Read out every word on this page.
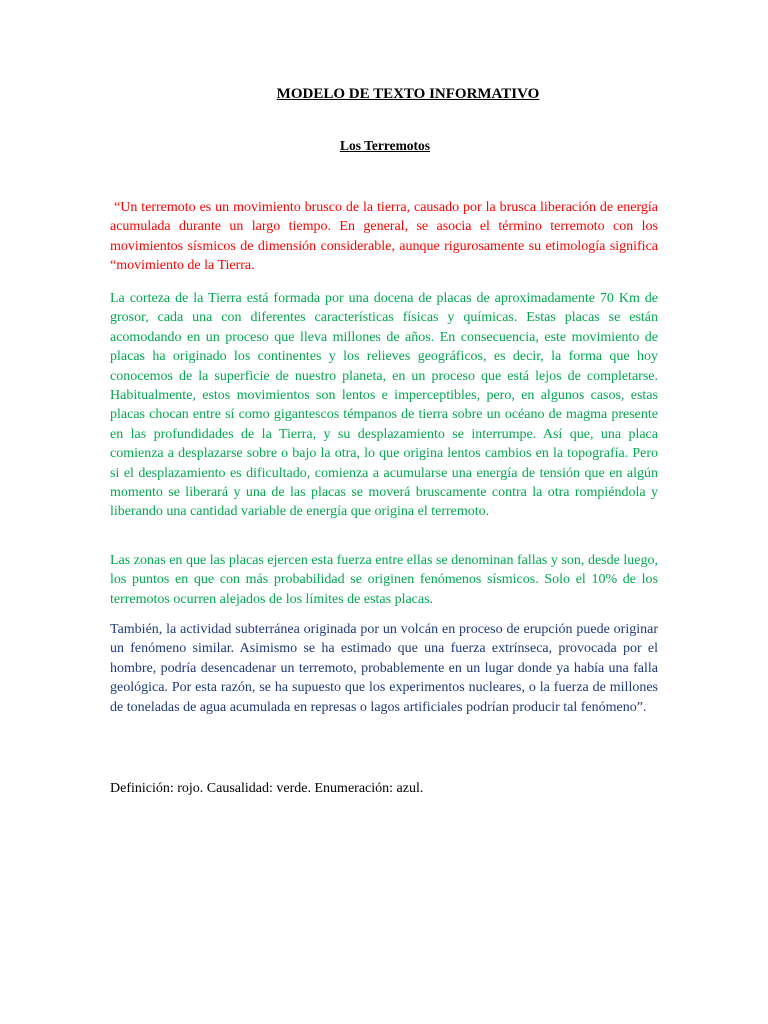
MODELO DE TEXTO INFORMATIVO
Los Terremotos

“Un terremoto es un movimiento brusco de la tierra, causado por la brusca liberación de energía acumulada durante un largo tiempo. En general, se asocia el término terremoto con los movimientos sísmicos de dimensión considerable, aunque rigurosamente su etimología significa “movimiento de la Tierra.

La corteza de la Tierra está formada por una docena de placas de aproximadamente 70 Km de grosor, cada una con diferentes características físicas y químicas. Estas placas se están acomodando en un proceso que lleva millones de años. En consecuencia, este movimiento de placas ha originado los continentes y los relieves geográficos, es decir, la forma que hoy conocemos de la superficie de nuestro planeta, en un proceso que está lejos de completarse. Habitualmente, estos movimientos son lentos e imperceptibles, pero, en algunos casos, estas placas chocan entre sí como gigantescos témpanos de tierra sobre un océano de magma presente en las profundidades de la Tierra, y su desplazamiento se interrumpe. Así que, una placa comienza a desplazarse sobre o bajo la otra, lo que origina lentos cambios en la topografía. Pero si el desplazamiento es dificultado, comienza a acumularse una energía de tensión que en algún momento se liberará y una de las placas se moverá bruscamente contra la otra rompiéndola y liberando una cantidad variable de energía que origina el terremoto.

Las zonas en que las placas ejercen esta fuerza entre ellas se denominan fallas y son, desde luego, los puntos en que con más probabilidad se originen fenómenos sísmicos. Solo el 10% de los terremotos ocurren alejados de los límites de estas placas.

También, la actividad subterránea originada por un volcán en proceso de erupción puede originar un fenómeno similar. Asimismo se ha estimado que una fuerza extrínseca, provocada por el hombre, podría desencadenar un terremoto, probablemente en un lugar donde ya había una falla geológica. Por esta razón, se ha supuesto que los experimentos nucleares, o la fuerza de millones de toneladas de agua acumulada en represas o lagos artificiales podrían producir tal fenómeno”.

Definición: rojo. Causalidad: verde. Enumeración: azul.
